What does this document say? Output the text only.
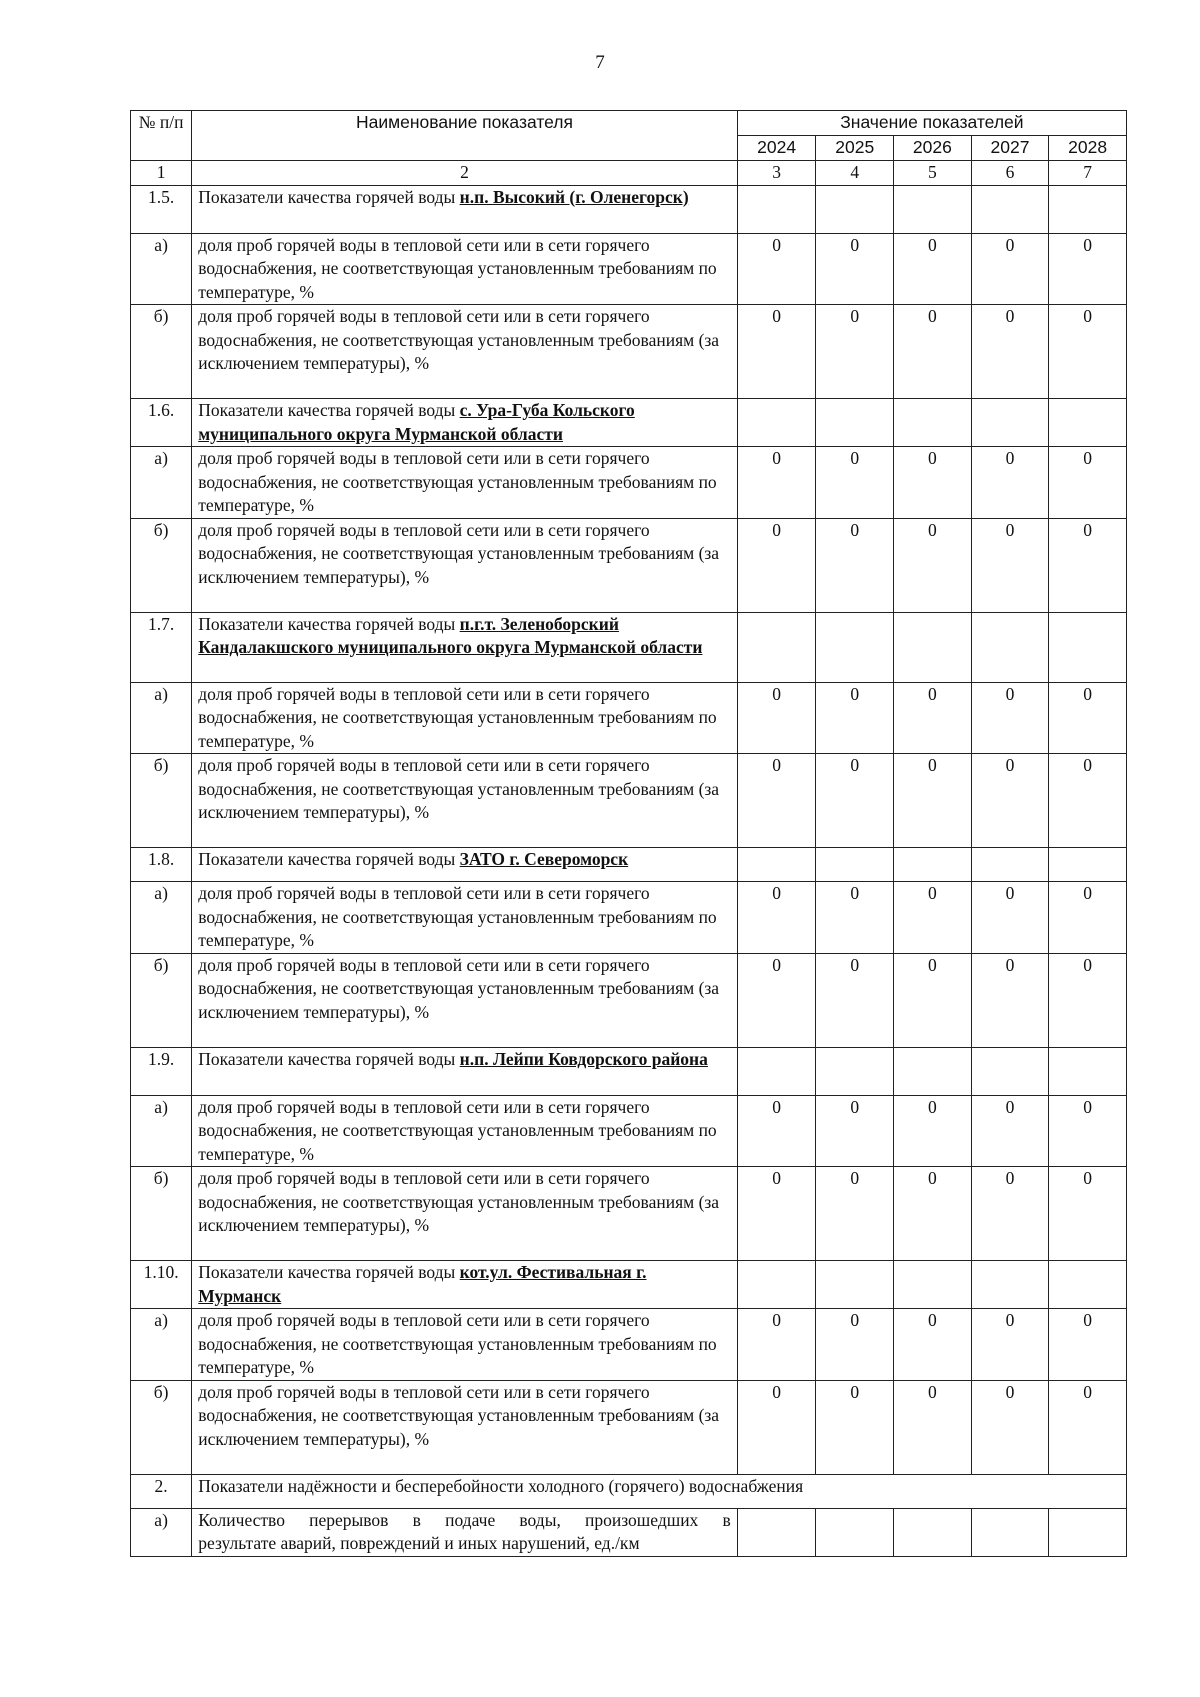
7
№ п/п	Наименование показателя	Значение показателей				
		2024	2025	2026	2027	2028
1	2	3	4	5	6	7
1.5.	Показатели качества горячей воды н.п. Высокий (г. Оленегорск)					
а)	доля проб горячей воды в тепловой сети или в сети горячего водоснабжения, не соответствующая установленным требованиям по температуре, %	0	0	0	0	0
б)	доля проб горячей воды в тепловой сети или в сети горячего водоснабжения, не соответствующая установленным требованиям (за исключением температуры), %	0	0	0	0	0
1.6.	Показатели качества горячей воды с. Ура-Губа Кольского муниципального округа Мурманской области					
а)	доля проб горячей воды в тепловой сети или в сети горячего водоснабжения, не соответствующая установленным требованиям по температуре, %	0	0	0	0	0
б)	доля проб горячей воды в тепловой сети или в сети горячего водоснабжения, не соответствующая установленным требованиям (за исключением температуры), %	0	0	0	0	0
1.7.	Показатели качества горячей воды п.г.т. Зеленоборский Кандалакшского муниципального округа Мурманской области					
а)	доля проб горячей воды в тепловой сети или в сети горячего водоснабжения, не соответствующая установленным требованиям по температуре, %	0	0	0	0	0
б)	доля проб горячей воды в тепловой сети или в сети горячего водоснабжения, не соответствующая установленным требованиям (за исключением температуры), %	0	0	0	0	0
1.8.	Показатели качества горячей воды ЗАТО г. Североморск					
а)	доля проб горячей воды в тепловой сети или в сети горячего водоснабжения, не соответствующая установленным требованиям по температуре, %	0	0	0	0	0
б)	доля проб горячей воды в тепловой сети или в сети горячего водоснабжения, не соответствующая установленным требованиям (за исключением температуры), %	0	0	0	0	0
1.9.	Показатели качества горячей воды н.п. Лейпи Ковдорского района					
а)	доля проб горячей воды в тепловой сети или в сети горячего водоснабжения, не соответствующая установленным требованиям по температуре, %	0	0	0	0	0
б)	доля проб горячей воды в тепловой сети или в сети горячего водоснабжения, не соответствующая установленным требованиям (за исключением температуры), %	0	0	0	0	0
1.10.	Показатели качества горячей воды кот.ул. Фестивальная г. Мурманск					
а)	доля проб горячей воды в тепловой сети или в сети горячего водоснабжения, не соответствующая установленным требованиям по температуре, %	0	0	0	0	0
б)	доля проб горячей воды в тепловой сети или в сети горячего водоснабжения, не соответствующая установленным требованиям (за исключением температуры), %	0	0	0	0	0
2.	Показатели надёжности и бесперебойности холодного (горячего) водоснабжения					
а)	Количество перерывов в подаче воды, произошедших в
результате аварий, повреждений и иных нарушений, ед./км					
